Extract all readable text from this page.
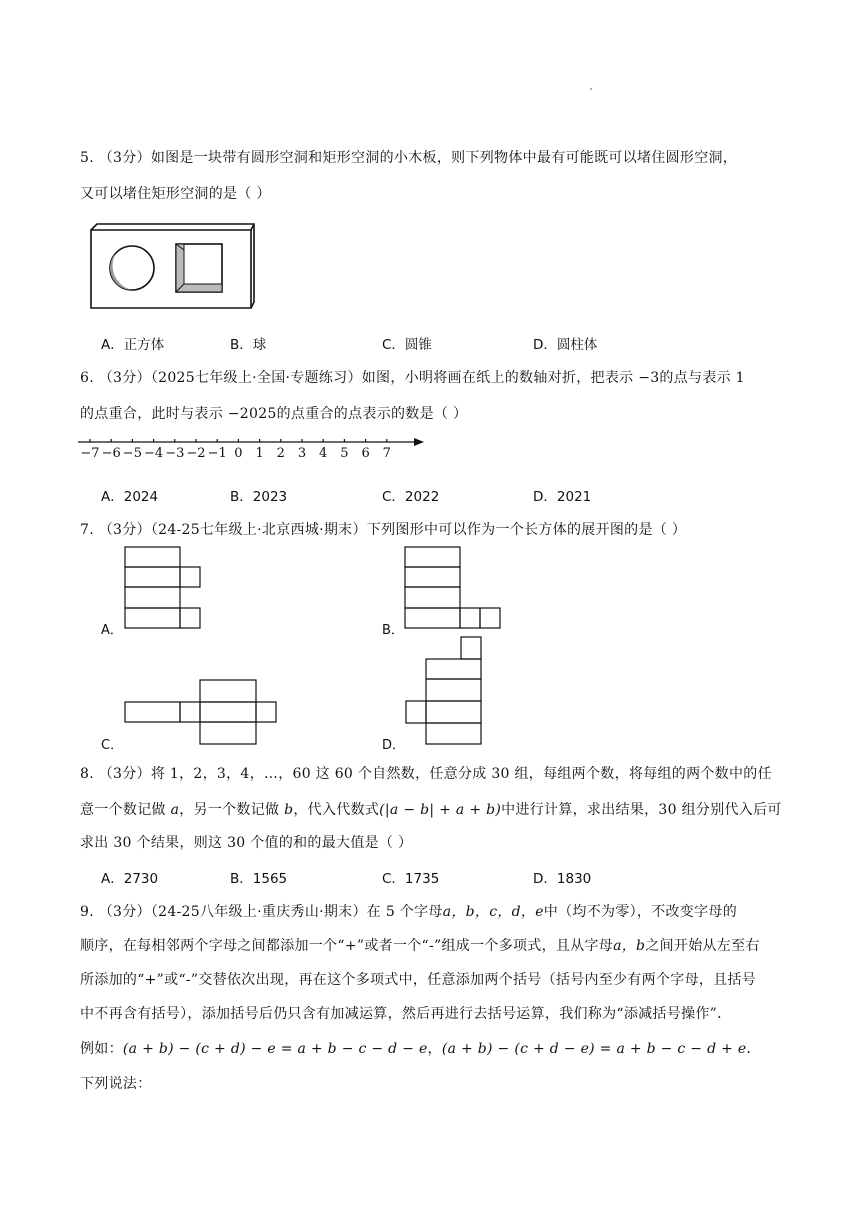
5. （3分）如图是一块带有圆形空洞和矩形空洞的小木板，则下列物体中最有可能既可以堵住圆形空洞，
又可以堵住矩形空洞的是（ ）
A．正方体	B．球	C．圆锥	D．圆柱体
6. （3分）（2025七年级上·全国·专题练习）如图，小明将画在纸上的数轴对折，把表示 −3的点与表示 1
的点重合，此时与表示 −2025的点重合的点表示的数是（ ）
−7 −6 −5 −4 −3 −2 −1 0 1 2 3 4 5 6 7
A．2024	B．2023	C．2022	D．2021
7. （3分）（24-25七年级上·北京西城·期末）下列图形中可以作为一个长方体的展开图的是（ ）
A．	B．
C．	D．
8. （3分）将 1，2，3，4，…，60 这 60 个自然数，任意分成 30 组，每组两个数，将每组的两个数中的任
意一个数记做 a，另一个数记做 b，代入代数式(|a − b| + a + b)中进行计算，求出结果，30 组分别代入后可
求出 30 个结果，则这 30 个值的和的最大值是（ ）
A．2730	B．1565	C．1735	D．1830
9. （3分）（24-25八年级上·重庆秀山·期末）在 5 个字母a，b，c，d，e中（均不为零），不改变字母的
顺序，在每相邻两个字母之间都添加一个“+”或者一个“-”组成一个多项式，且从字母a，b之间开始从左至右
所添加的“+”或“-”交替依次出现，再在这个多项式中，任意添加两个括号（括号内至少有两个字母，且括号
中不再含有括号），添加括号后仍只含有加减运算，然后再进行去括号运算，我们称为“添减括号操作”．
例如：(a + b) − (c + d) − e = a + b − c − d − e，(a + b) − (c + d − e) = a + b − c − d + e．
下列说法：
